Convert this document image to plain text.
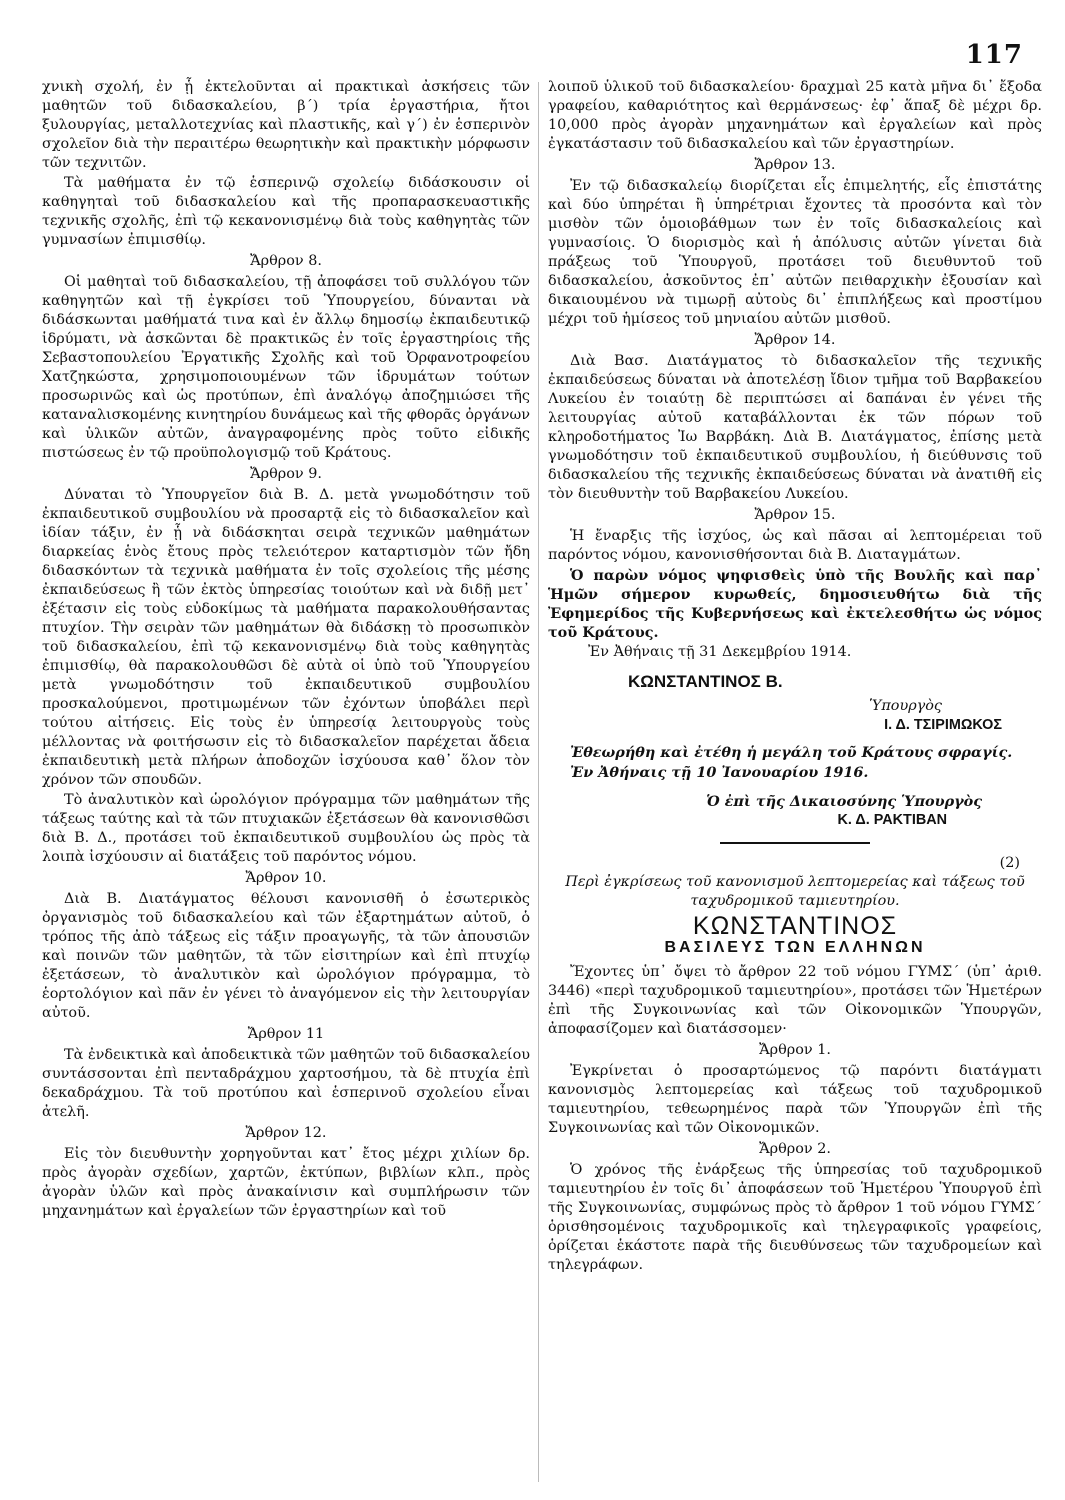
117

χνικὴ σχολή, ἐν ᾗ ἐκτελοῦνται αἱ πρακτικαὶ ἀσκήσεις τῶν μαθητῶν τοῦ διδασκαλείου, β΄) τρία ἐργαστήρια, ἤτοι ξυλουργίας, μεταλλοτεχνίας καὶ πλαστικῆς, καὶ γ΄) ἐν ἑσπερινὸν σχολεῖον διὰ τὴν περαιτέρω θεωρητικὴν καὶ πρακτικὴν μόρφωσιν τῶν τεχνιτῶν.

Τὰ μαθήματα ἐν τῷ ἑσπερινῷ σχολείῳ διδάσκουσιν οἱ καθηγηταὶ τοῦ διδασκαλείου καὶ τῆς προπαρασκευαστικῆς τεχνικῆς σχολῆς, ἐπὶ τῷ κεκανονισμένῳ διὰ τοὺς καθηγητὰς τῶν γυμνασίων ἐπιμισθίῳ.

Ἄρθρον 8.

Οἱ μαθηταὶ τοῦ διδασκαλείου, τῇ ἀποφάσει τοῦ συλλόγου τῶν καθηγητῶν καὶ τῇ ἐγκρίσει τοῦ Ὑπουργείου, δύνανται νὰ διδάσκωνται μαθήματά τινα καὶ ἐν ἄλλῳ δημοσίῳ ἐκπαιδευτικῷ ἱδρύματι, νὰ ἀσκῶνται δὲ πρακτικῶς ἐν τοῖς ἐργαστηρίοις τῆς Σεβαστοπουλείου Ἐργατικῆς Σχολῆς καὶ τοῦ Ὀρφανοτροφείου Χατζηκώστα, χρησιμοποιουμένων τῶν ἱδρυμάτων τούτων προσωρινῶς καὶ ὡς προτύπων, ἐπὶ ἀναλόγῳ ἀποζημιώσει τῆς καταναλισκομένης κινητηρίου δυνάμεως καὶ τῆς φθορᾶς ὀργάνων καὶ ὑλικῶν αὐτῶν, ἀναγραφομένης πρὸς τοῦτο εἰδικῆς πιστώσεως ἐν τῷ προϋπολογισμῷ τοῦ Κράτους.

Ἄρθρον 9.

Δύναται τὸ Ὑπουργεῖον διὰ Β. Δ. μετὰ γνωμοδότησιν τοῦ ἐκπαιδευτικοῦ συμβουλίου νὰ προσαρτᾷ εἰς τὸ διδασκαλεῖον καὶ ἰδίαν τάξιν, ἐν ᾗ νὰ διδάσκηται σειρὰ τεχνικῶν μαθημάτων διαρκείας ἑνὸς ἔτους πρὸς τελειότερον καταρτισμὸν τῶν ἤδη διδασκόντων τὰ τεχνικὰ μαθήματα ἐν τοῖς σχολείοις τῆς μέσης ἐκπαιδεύσεως ἢ τῶν ἐκτὸς ὑπηρεσίας τοιούτων καὶ νὰ διδῇ μετ᾽ ἐξέτασιν εἰς τοὺς εὐδοκίμως τὰ μαθήματα παρακολουθήσαντας πτυχίον. Τὴν σειρὰν τῶν μαθημάτων θὰ διδάσκῃ τὸ προσωπικὸν τοῦ διδασκαλείου, ἐπὶ τῷ κεκανονισμένῳ διὰ τοὺς καθηγητὰς ἐπιμισθίῳ, θὰ παρακολουθῶσι δὲ αὐτὰ οἱ ὑπὸ τοῦ Ὑπουργείου μετὰ γνωμοδότησιν τοῦ ἐκπαιδευτικοῦ συμβουλίου προσκαλούμενοι, προτιμωμένων τῶν ἐχόντων ὑποβάλει περὶ τούτου αἰτήσεις. Εἰς τοὺς ἐν ὑπηρεσίᾳ λειτουργοὺς τοὺς μέλλοντας νὰ φοιτήσωσιν εἰς τὸ διδασκαλεῖον παρέχεται ἄδεια ἐκπαιδευτικὴ μετὰ πλήρων ἀποδοχῶν ἰσχύουσα καθ᾽ ὅλον τὸν χρόνον τῶν σπουδῶν.

Τὸ ἀναλυτικὸν καὶ ὡρολόγιον πρόγραμμα τῶν μαθημάτων τῆς τάξεως ταύτης καὶ τὰ τῶν πτυχιακῶν ἐξετάσεων θὰ κανονισθῶσι διὰ Β. Δ., προτάσει τοῦ ἐκπαιδευτικοῦ συμβουλίου ὡς πρὸς τὰ λοιπὰ ἰσχύουσιν αἱ διατάξεις τοῦ παρόντος νόμου.

Ἄρθρον 10.

Διὰ Β. Διατάγματος θέλουσι κανονισθῆ ὁ ἐσωτερικὸς ὀργανισμὸς τοῦ διδασκαλείου καὶ τῶν ἐξαρτημάτων αὐτοῦ, ὁ τρόπος τῆς ἀπὸ τάξεως εἰς τάξιν προαγωγῆς, τὰ τῶν ἀπουσιῶν καὶ ποινῶν τῶν μαθητῶν, τὰ τῶν εἰσιτηρίων καὶ ἐπὶ πτυχίῳ ἐξετάσεων, τὸ ἀναλυτικὸν καὶ ὡρολόγιον πρόγραμμα, τὸ ἑορτολόγιον καὶ πᾶν ἐν γένει τὸ ἀναγόμενον εἰς τὴν λειτουργίαν αὐτοῦ.

Ἄρθρον 11

Τὰ ἐνδεικτικὰ καὶ ἀποδεικτικὰ τῶν μαθητῶν τοῦ διδασκαλείου συντάσσονται ἐπὶ πενταδράχμου χαρτοσήμου, τὰ δὲ πτυχία ἐπὶ δεκαδράχμου. Τὰ τοῦ προτύπου καὶ ἑσπερινοῦ σχολείου εἶναι ἀτελῆ.

Ἄρθρον 12.

Εἰς τὸν διευθυντὴν χορηγοῦνται κατ᾽ ἔτος μέχρι χιλίων δρ. πρὸς ἀγορὰν σχεδίων, χαρτῶν, ἐκτύπων, βιβλίων κλπ., πρὸς ἀγορὰν ὑλῶν καὶ πρὸς ἀνακαίνισιν καὶ συμπλήρωσιν τῶν μηχανημάτων καὶ ἐργαλείων τῶν ἐργαστηρίων καὶ τοῦ

λοιποῦ ὑλικοῦ τοῦ διδασκαλείου· δραχμαὶ 25 κατὰ μῆνα δι᾽ ἔξοδα γραφείου, καθαριότητος καὶ θερμάνσεως· ἐφ᾽ ἅπαξ δὲ μέχρι δρ. 10,000 πρὸς ἀγορὰν μηχανημάτων καὶ ἐργαλείων καὶ πρὸς ἐγκατάστασιν τοῦ διδασκαλείου καὶ τῶν ἐργαστηρίων.

Ἄρθρον 13.

Ἐν τῷ διδασκαλείῳ διορίζεται εἷς ἐπιμελητής, εἷς ἐπιστάτης καὶ δύο ὑπηρέται ἢ ὑπηρέτριαι ἔχοντες τὰ προσόντα καὶ τὸν μισθὸν τῶν ὁμοιοβάθμων των ἐν τοῖς διδασκαλείοις καὶ γυμνασίοις. Ὁ διορισμὸς καὶ ἡ ἀπόλυσις αὐτῶν γίνεται διὰ πράξεως τοῦ Ὑπουργοῦ, προτάσει τοῦ διευθυντοῦ τοῦ διδασκαλείου, ἀσκοῦντος ἐπ᾽ αὐτῶν πειθαρχικὴν ἐξουσίαν καὶ δικαιουμένου νὰ τιμωρῇ αὐτοὺς δι᾽ ἐπιπλήξεως καὶ προστίμου μέχρι τοῦ ἡμίσεος τοῦ μηνιαίου αὐτῶν μισθοῦ.

Ἄρθρον 14.

Διὰ Βασ. Διατάγματος τὸ διδασκαλεῖον τῆς τεχνικῆς ἐκπαιδεύσεως δύναται νὰ ἀποτελέσῃ ἴδιον τμῆμα τοῦ Βαρβακείου Λυκείου ἐν τοιαύτῃ δὲ περιπτώσει αἱ δαπάναι ἐν γένει τῆς λειτουργίας αὐτοῦ καταβάλλονται ἐκ τῶν πόρων τοῦ κληροδοτήματος Ἰω Βαρβάκη. Διὰ Β. Διατάγματος, ἐπίσης μετὰ γνωμοδότησιν τοῦ ἐκπαιδευτικοῦ συμβουλίου, ἡ διεύθυνσις τοῦ διδασκαλείου τῆς τεχνικῆς ἐκπαιδεύσεως δύναται νὰ ἀνατιθῆ εἰς τὸν διευθυντὴν τοῦ Βαρβακείου Λυκείου.

Ἄρθρον 15.

Ἡ ἔναρξις τῆς ἰσχύος, ὡς καὶ πᾶσαι αἱ λεπτομέρειαι τοῦ παρόντος νόμου, κανονισθήσονται διὰ Β. Διαταγμάτων.

Ὁ παρὼν νόμος ψηφισθεὶς ὑπὸ τῆς Βουλῆς καὶ παρ᾽ Ἡμῶν σήμερον κυρωθείς, δημοσιευθήτω διὰ τῆς Ἐφημερίδος τῆς Κυβερνήσεως καὶ ἐκτελεσθήτω ὡς νόμος τοῦ Κράτους.

Ἐν Ἀθήναις τῇ 31 Δεκεμβρίου 1914.

ΚΩΝΣΤΑΝΤΙΝΟΣ Β.
Ὑπουργὸς
Ι. Δ. ΤΣΙΡΙΜΩΚΟΣ

Ἐθεωρήθη καὶ ἐτέθη ἡ μεγάλη τοῦ Κράτους σφραγίς.

Ἐν Ἀθήναις τῇ 10 Ἰανουαρίου 1916.

Ὁ ἐπὶ τῆς Δικαιοσύνης Ὑπουργὸς
Κ. Δ. ΡΑΚΤΙΒΑΝ
(2)
Περὶ ἐγκρίσεως τοῦ κανονισμοῦ λεπτομερείας καὶ τάξεως τοῦ ταχυδρομικοῦ ταμιευτηρίου.
ΚΩΝΣΤΑΝΤΙΝΟΣ
ΒΑΣΙΛΕΥΣ ΤΩΝ ΕΛΛΗΝΩΝ

Ἔχοντες ὑπ᾽ ὄψει τὸ ἄρθρον 22 τοῦ νόμου ΓΥΜΣ΄ (ὑπ᾽ ἀριθ. 3446) «περὶ ταχυδρομικοῦ ταμιευτηρίου», προτάσει τῶν Ἡμετέρων ἐπὶ τῆς Συγκοινωνίας καὶ τῶν Οἰκονομικῶν Ὑπουργῶν, ἀποφασίζομεν καὶ διατάσσομεν·

Ἄρθρον 1.

Ἐγκρίνεται ὁ προσαρτώμενος τῷ παρόντι διατάγματι κανονισμὸς λεπτομερείας καὶ τάξεως τοῦ ταχυδρομικοῦ ταμιευτηρίου, τεθεωρημένος παρὰ τῶν Ὑπουργῶν ἐπὶ τῆς Συγκοινωνίας καὶ τῶν Οἰκονομικῶν.

Ἄρθρον 2.

Ὁ χρόνος τῆς ἐνάρξεως τῆς ὑπηρεσίας τοῦ ταχυδρομικοῦ ταμιευτηρίου ἐν τοῖς δι᾽ ἀποφάσεων τοῦ Ἡμετέρου Ὑπουργοῦ ἐπὶ τῆς Συγκοινωνίας, συμφώνως πρὸς τὸ ἄρθρον 1 τοῦ νόμου ΓΥΜΣ΄ ὁρισθησομένοις ταχυδρομικοῖς καὶ τηλεγραφικοῖς γραφείοις, ὁρίζεται ἑκάστοτε παρὰ τῆς διευθύνσεως τῶν ταχυδρομείων καὶ τηλεγράφων.
